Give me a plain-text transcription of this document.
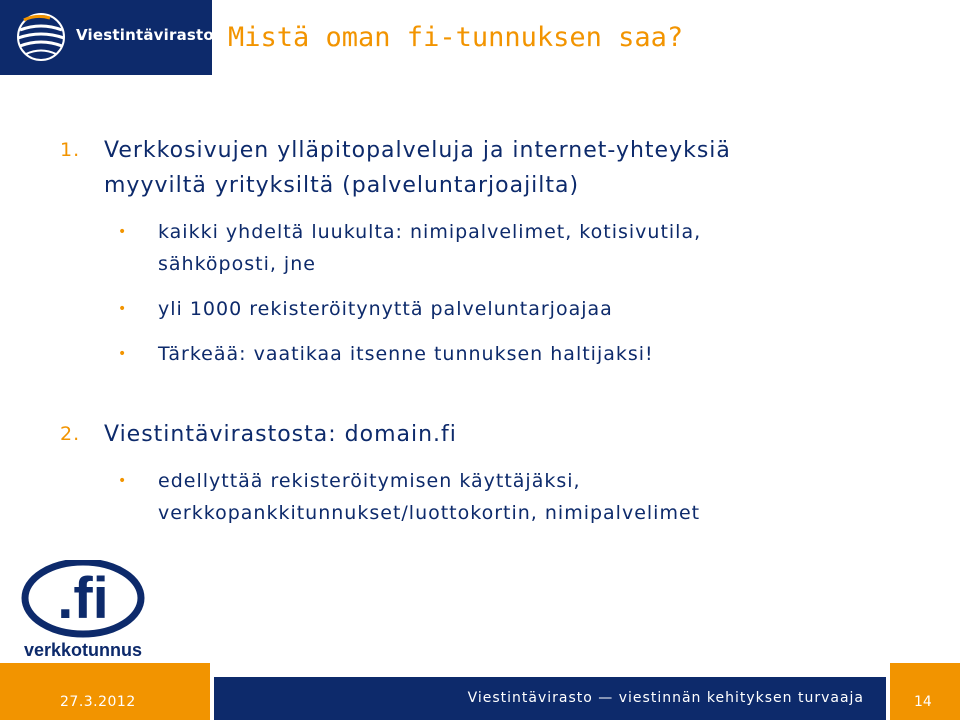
Viestintävirasto Mistä oman fi-tunnuksen saa?
1.	Verkkosivujen ylläpitopalveluja ja internet-yhteyksiä
myyviltä yrityksiltä (palveluntarjoajilta)
•	kaikki yhdeltä luukulta: nimipalvelimet, kotisivutila,
sähköposti, jne
•	yli 1000 rekisteröitynyttä palveluntarjoajaa
•	Tärkeää: vaatikaa itsenne tunnuksen haltijaksi!
2.	Viestintävirastosta: domain.fi
•	edellyttää rekisteröitymisen käyttäjäksi,
verkkopankkitunnukset/luottokortin, nimipalvelimet
.fi
verkkotunnus
27.3.2012	Viestintävirasto — viestinnän kehityksen turvaaja	14
